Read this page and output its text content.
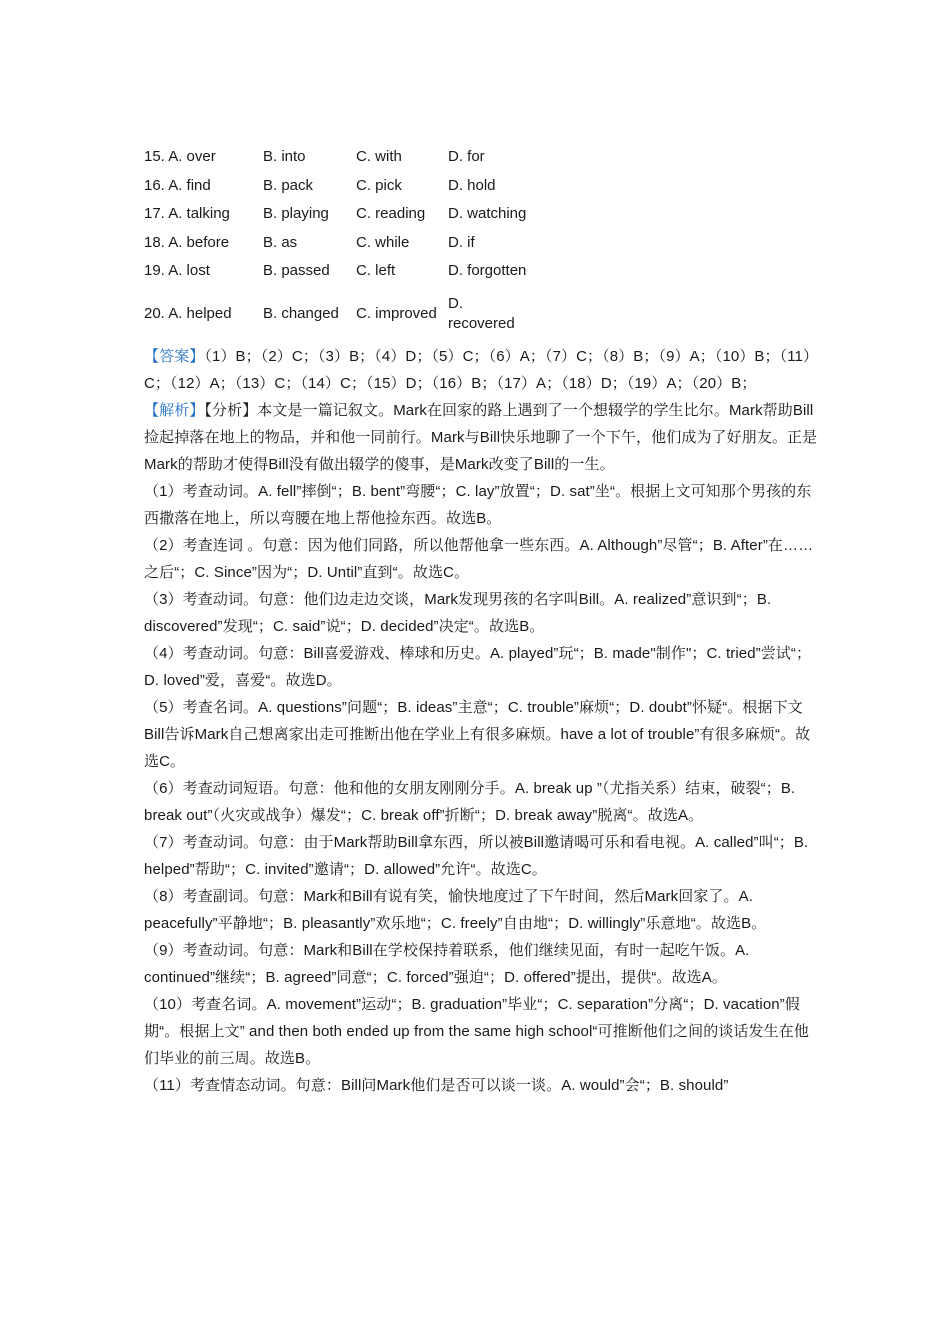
15. A. over	B. into	C. with	D. for
16. A. find	B. pack	C. pick	D. hold
17. A. talking	B. playing	C. reading	D. watching
18. A. before	B. as	C. while	D. if
19. A. lost	B. passed	C. left	D. forgotten
20. A. helped	B. changed	C. improved	D.
recovered

【答案】（1）B；（2）C；（3）B；（4）D；（5）C；（6）A；（7）C；（8）B；（9）A；（10）B；（11）C；（12）A；（13）C；（14）C；（15）D；（16）B；（17）A；（18）D；（19）A；（20）B；

【解析】【分析】本文是一篇记叙文。Mark在回家的路上遇到了一个想辍学的学生比尔。Mark帮助Bill捡起掉落在地上的物品，并和他一同前行。Mark与Bill快乐地聊了一个下午，他们成为了好朋友。正是Mark的帮助才使得Bill没有做出辍学的傻事，是Mark改变了Bill的一生。

（1）考查动词。A. fell”摔倒“；B. bent”弯腰“；C. lay”放置“；D. sat”坐“。根据上文可知那个男孩的东西撒落在地上，所以弯腰在地上帮他捡东西。故选B。

（2）考查连词 。句意：因为他们同路，所以他帮他拿一些东西。A. Although”尽管“；B. After”在……之后“；C. Since”因为“；D. Until”直到“。故选C。

（3）考查动词。句意：他们边走边交谈，Mark发现男孩的名字叫Bill。A. realized”意识到“；B. discovered”发现“；C. said”说“；D. decided”决定“。故选B。

（4）考查动词。句意：Bill喜爱游戏、棒球和历史。A. played”玩“；B. made"制作"；C. tried”尝试“；D. loved”爱，喜爱“。故选D。

（5）考查名词。A. questions”问题“；B. ideas”主意“；C. trouble”麻烦“；D. doubt”怀疑“。根据下文Bill告诉Mark自己想离家出走可推断出他在学业上有很多麻烦。have a lot of trouble”有很多麻烦“。故选C。

（6）考查动词短语。句意：他和他的女朋友刚刚分手。A. break up ”（尤指关系）结束，破裂“；B. break out”（火灾或战争）爆发“；C. break off”折断“；D. break away”脱离“。故选A。

（7）考查动词。句意：由于Mark帮助Bill拿东西，所以被Bill邀请喝可乐和看电视。A. called”叫“；B. helped”帮助“；C. invited”邀请“；D. allowed”允许“。故选C。

（8）考查副词。句意：Mark和Bill有说有笑，愉快地度过了下午时间，然后Mark回家了。A. peacefully”平静地“；B. pleasantly”欢乐地“；C. freely”自由地“；D. willingly”乐意地“。故选B。

（9）考查动词。句意：Mark和Bill在学校保持着联系，他们继续见面，有时一起吃午饭。A. continued”继续“；B. agreed”同意“；C. forced”强迫“；D. offered”提出，提供“。故选A。

（10）考查名词。A. movement”运动“；B. graduation”毕业“；C. separation”分离“；D. vacation”假期“。根据上文” and then both ended up from the same high school“可推断他们之间的谈话发生在他们毕业的前三周。故选B。

（11）考查情态动词。句意：Bill问Mark他们是否可以谈一谈。A. would”会“；B. should”
